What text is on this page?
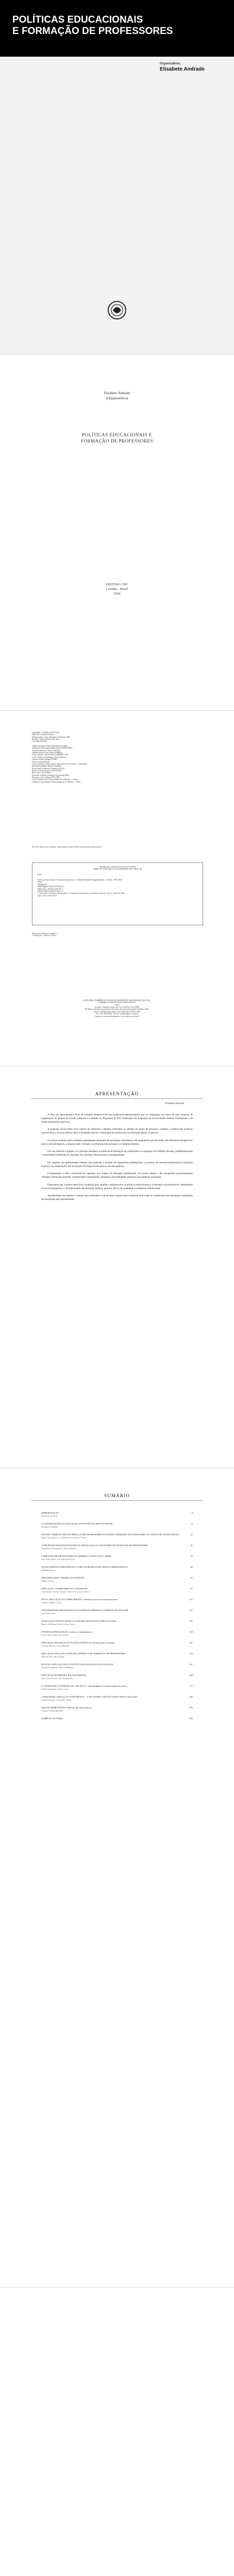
POLÍTICAS EDUCACIONAIS
E FORMAÇÃO DE PROFESSORES
Organizadora:
Elisabete Andrade
Elisabete Andrade
(Organizadora)
POLÍTICAS EDUCACIONAIS E
FORMAÇÃO DE PROFESSORES
EDITORA CRV
Curitiba - Brasil
2020
Copyright © da Editora CRV Ltda.
Editor-chefe: Railson Moura
Diagramação e Capa: Designers da Editora CRV
Revisão: Analista de Escrita e Artes
Conselho Editorial:
Aldira Guimarães Duarte Domínguez (UNB)
Andréia da Silva Quintanilha Sousa (UNIR/UFRN)
Anselmo Alencar Colares (UFOPA)
Antônio Pereira Gaio Júnior (UFRRJ)
Carlos Alberto Vilar Estêvão (UMINHO – PT)
Carlos Federico Dominguez Avila (Unieuro)
Carmen Tereza Velanga (UNIR)
Celso Conti (UFSCar)
Cesar Gerónimo Tello (Univer. Nacional Três de Febrero – Argentina)
Eduardo Fernandes Barbosa (UFMG)
Elione Maria Nogueira Diogenes (UFAL)
Elizeu Clementino de Souza (UNEB)
Élsio José Corá (UFFS)
Fernando Antônio Gonçalves Alcoforado (IPB)
Francisco Carlos Duarte (PUC-PR)
Gloria Fariñas León (Universidade de La Havana – Cuba)
Guillermo Arias Beatón (Universidade de La Havana – Cuba)
Este livro passou por avaliação e aprovação às cegas de dois ou mais pareceristas ad hoc.
CIP-BRASIL. CATALOGAÇÃO-NA-FONTE
SINDICATO NACIONAL DOS EDITORES DE LIVROS, RJ
P762
Políticas educacionais e formação de professores / Elisabete Andrade (organizadora) – Curitiba : CRV, 2020.
158 p.
Bibliografia
ISBN Digital 978-65-5578-018-2
ISBN Físico 978-65-5578-017-5
DOI 10.24824/978655578017.5
1. Educação 2. Políticas educacionais 3. Formação de professores I. Andrade, Elisabete. org. II. Título III. Série.
CDU 37.01 CDD 379.81
Índice para catálogo sistemático
1. Educação – Políticas 379.81
ESTA OBRA TAMBÉM ENCONTRA-SE DISPONÍVEL EM FORMATO DIGITAL.
CONHEÇA E BAIXE NOSSO APLICATIVO!
2020
Foi feito o depósito legal conf. Lei 10.994 de 14/12/2004
Proibida a reprodução parcial ou total desta obra sem autorização da Editora CRV
Todos os direitos desta edição reservados pela: Editora CRV
Tel.: (41) 3039-6418 - E-mail: sac@editoracrv.com.br
Conheça os nossos lançamentos: www.editoracrv.com.br
APRESENTAÇÃO
Elisabete Andrade

A obra ora apresentada é fruto de trabalho desenvolvido por professores-pesquisadores que se congregam em torno de uma proposta de organização de grupos de estudo, pesquisa e extensão no Programa de Pós-Graduação em Educação da Universidade Federal Fluminense e de outras instituições parceiras.

A proposta inicial deste livro nasceu de reflexões e debates realizados no âmbito do grupo de pesquisa, voltados à análise das políticas educacionais e de seus efeitos sobre a formação inicial e continuada de professores na educação básica e superior.

Os textos reunidos nesta coletânea apresentam resultados de pesquisas concluídas e em andamento que discutem, sob diferentes perspectivas teórico-metodológicas, a relação entre o Estado, as reformas educacionais e o trabalho docente.

Em um primeiro conjunto, os capítulos abordam as políticas de formação de professores e a regulação do trabalho docente, problematizando a centralidade atribuída aos docentes nas reformas educacionais contemporâneas.

Em seguida, são apresentados estudos que analisam a atuação de organismos multilaterais, o processo de internacionalização da educação superior e as implicações das avaliações em larga escala para as escolas públicas.

Completando a obra, encontram-se capítulos que tratam da educação profissional, do ensino médio e dos programas governamentais voltados à formação docente, evidenciando contradições, disputas e possibilidades presentes nas políticas analisadas.

Esperamos que a leitura deste livro contribua para ampliar o debate sobre as políticas educacionais e a formação de professores, estimulando novas investigações e o fortalecimento da educação pública, gratuita, laica e de qualidade socialmente referenciada.

Agradecemos aos autores e autoras que aceitaram o convite para compor esta coletânea, bem como às instituições que apoiaram a realização das pesquisas aqui apresentadas.

SUMÁRIO
APRESENTAÇÃO	9
Elisabete Andrade
A CENTRALIDADE DA AVALIAÇÃO NAS POLÍTICAS EDUCACIONAIS	13
Elisabete Andrade
ESTUDO CURRICULAR NA FORMAÇÃO DE PROFESSORES DO ENSINO SUPERIOR: UM OLHAR PARA OS CURSOS DE LICENCIATURA	27
Maria das Graças C. S. Medeiros; Gilvanice Pinto
A PROFISSÃO DOCENTE EM DISPUTA: REGULAÇÃO E AUTONOMIA NO TRABALHO DE PROFESSORES	41
Ana Maria Clementino; Gleiva Ribeiro
FORMAÇÃO DE PROFESSORES NA AMÉRICA LATINA E NO CARIBE	55
Ana Paula Silva; Joana Rosa Ferreira
PLANEJAMENTO PARTICIPATIVO COMO ESTRATÉGIA DE GESTÃO DEMOCRÁTICA	69
Fabiana Aguiar
EPISTEMOLOGIA: FORMAÇÃO DOCENTE	83
Marcia Soares
EDUCAÇÃO, CONHECIMENTO E TRABALHO	97
Claudemiro Vicente Vassali; Flávia Oliveira da Silva
ÉTICA, EDUCAÇÃO E CONHECIMENTO: reflexões acerca da formação docente	111
Claudio Miguel Costa
UNIVERSIDADE PARTICIPATIVA E A PARTIR DE DIREITOS: O DIREITO DE ESTUDAR	121
Ana Paula Silva
AVALIAÇÃO INSTITUCIONAL NA AGENDA DE POLÍTICA EDUCACIONAL	131
Maria de Fátima Pereira; Silva Costa
INTERNACIONALIZAÇÃO: acordos e compromissos	139
Ivan Viana; Paula Vasconcelos
EDUCAÇÃO DE ADULTOS E POLÍTICA PÚBLICA: desafios para a formação	147
Cristina Moura; Lucas Mendes
EDUCAÇÃO INCLUSIVA E POLÍTICA PÚBLICA DE FORMAÇÃO DE PROFESSORES	153
Fabiana Dias; Rita Lopes
POLÍTICA EDUCACIONAL E POLÍTICA DE AVALIAÇÃO DAS ESCOLAS	161
Elisabete Andrade; Marcela Ribeiro
EDUCAÇÃO SUPERIOR E FINANCIAMENTO	169
Ana Lúcia Vieira; Caio Figueiredo
A LITERATURA: VIVER EM SALA DE AULA – aprendizagem de conhecimentos na escola	177
Felipe Guimarães; Rosa Lima
A TRAVESSIA: EDUCAÇÃO E EM MÉXICO – O NE TRADE: O QUE É? O QUE TRAZ O QUE DIZ?	185
Claudia Borges; Leonardo Santos
GESTÃO DEMOCRÁTICA ESCOLAR: uma proposta	195
Gilmara Sousa Andrade
SOBRE OS AUTORES	205
